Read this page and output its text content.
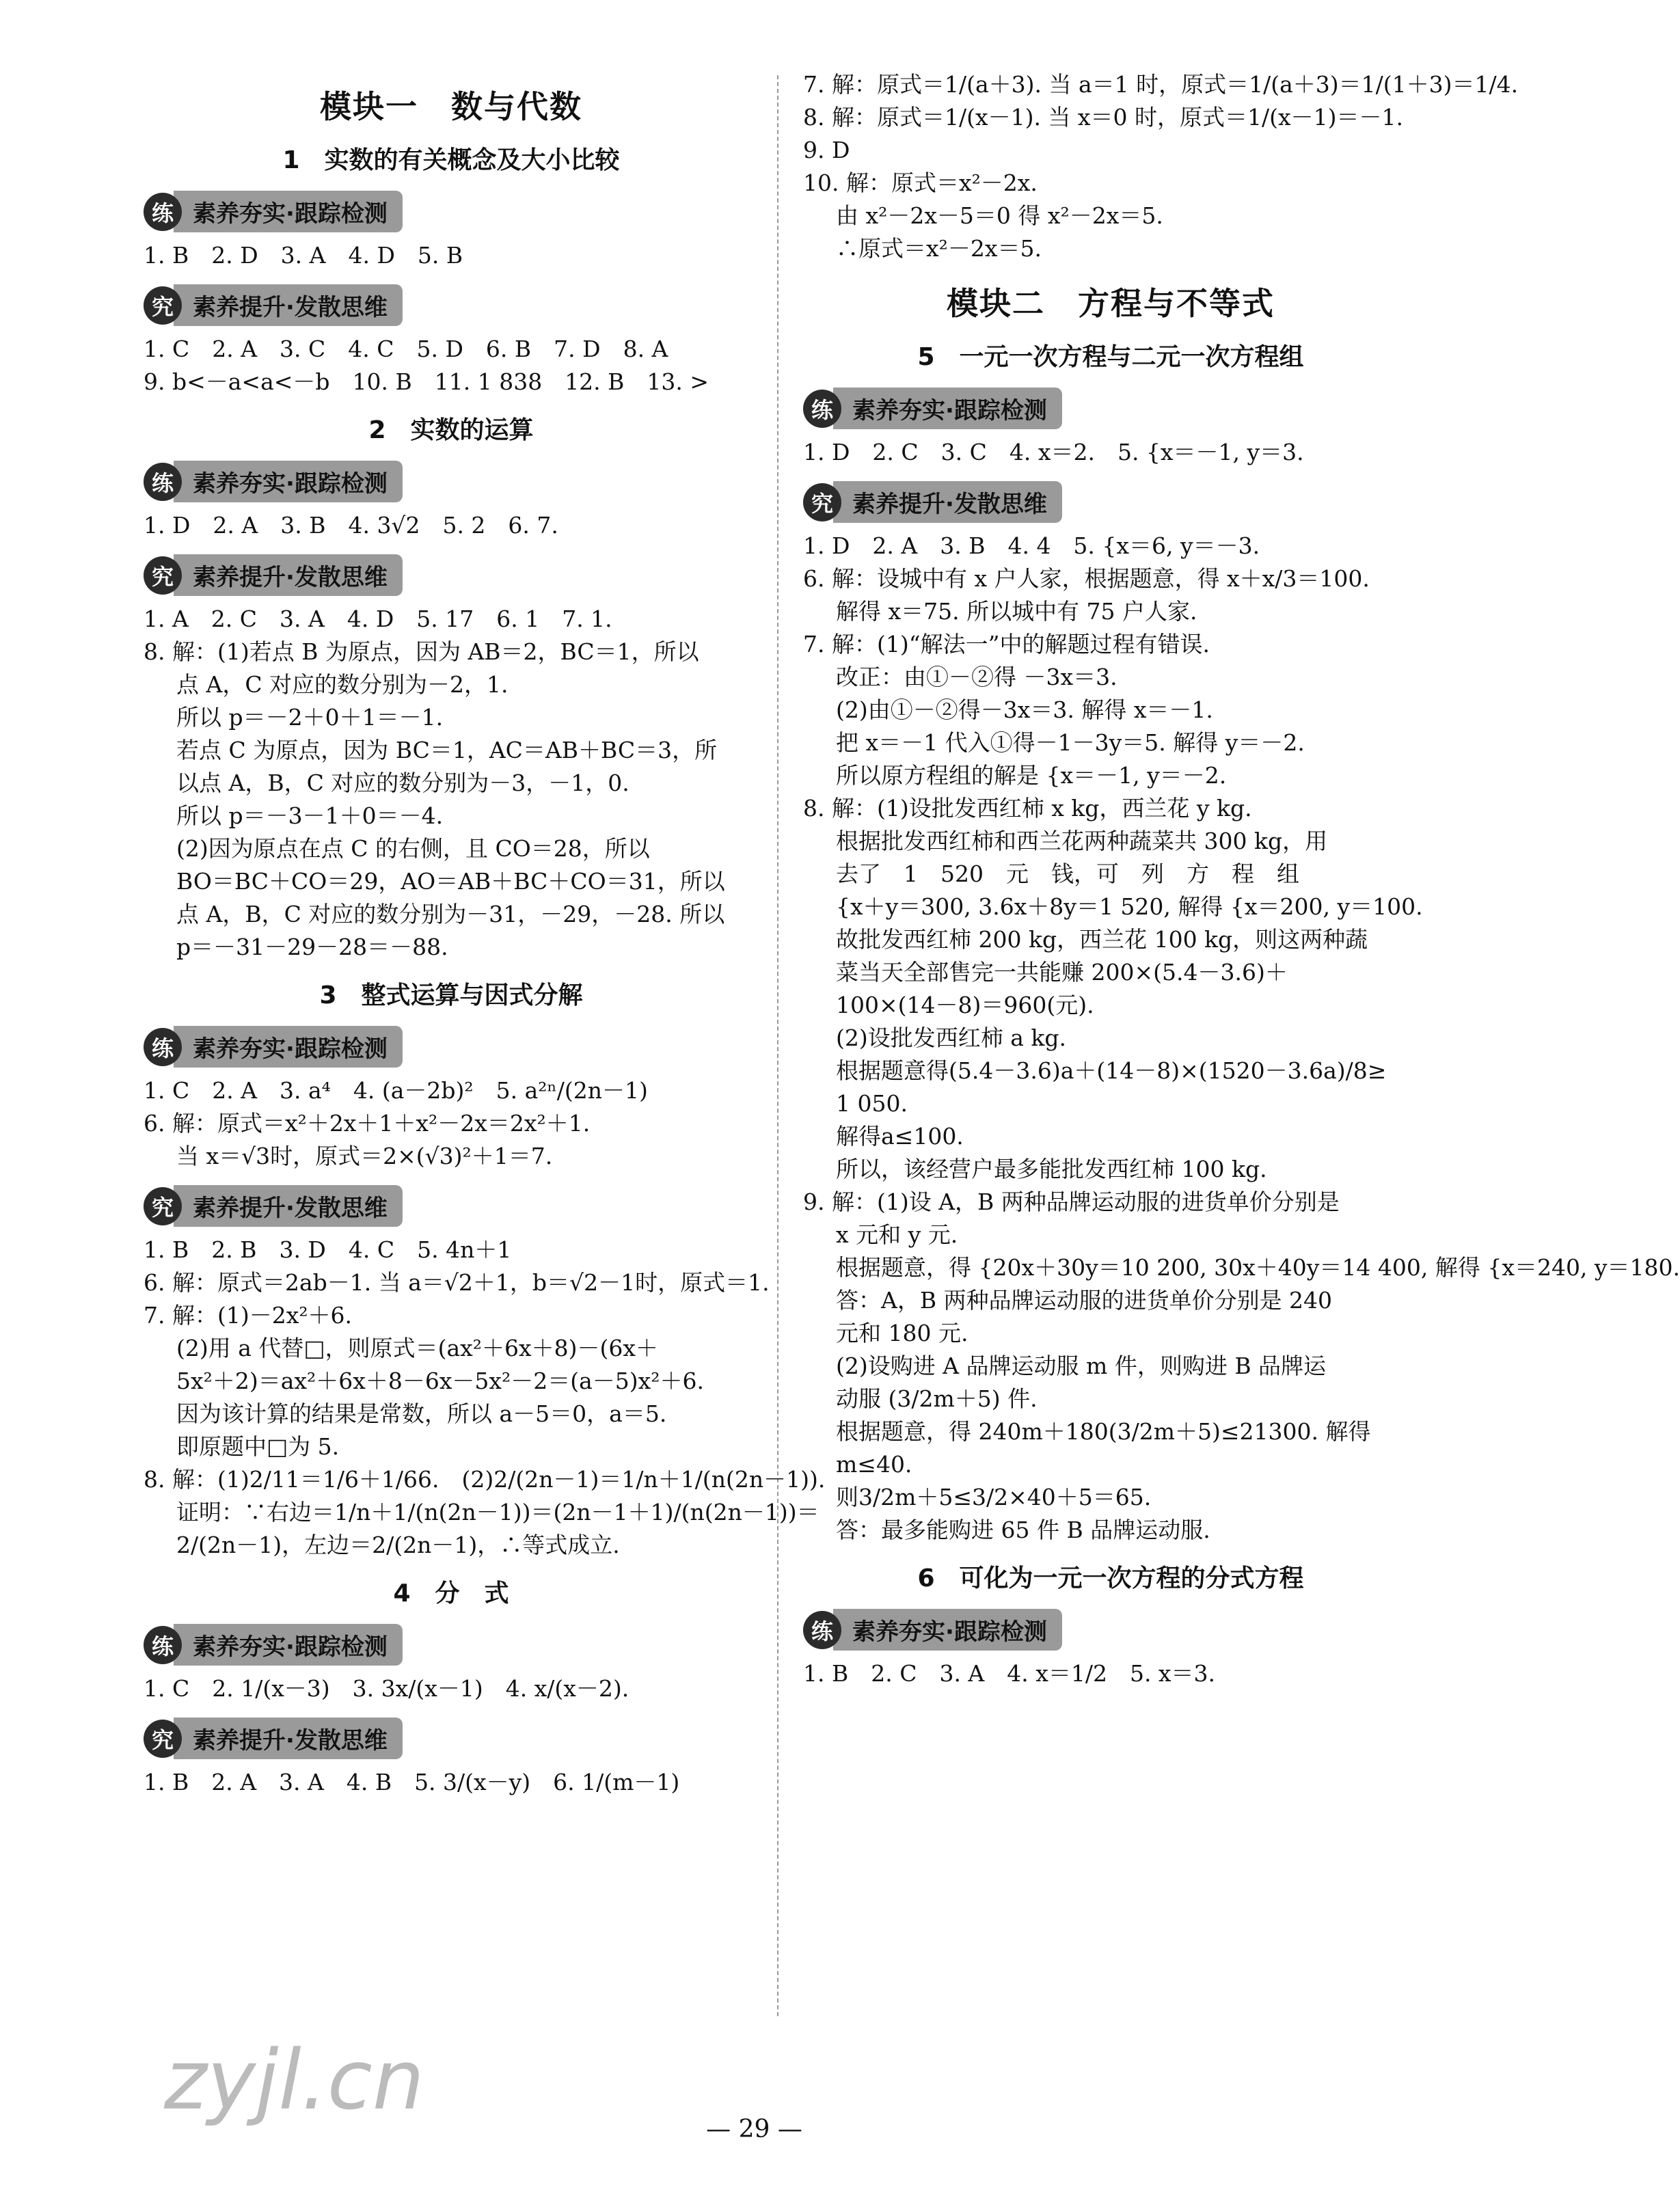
模块一　数与代数
1　实数的有关概念及大小比较
练 素养夯实·跟踪检测
1. B　2. D　3. A　4. D　5. B
究 素养提升·发散思维
1. C　2. A　3. C　4. C　5. D　6. B　7. D　8. A
9. b<－a<a<－b　10. B　11. 1 838　12. B　13. >
2　实数的运算
练 素养夯实·跟踪检测
1. D　2. A　3. B　4. 3√2　5. 2　6. 7.
究 素养提升·发散思维
1. A　2. C　3. A　4. D　5. 17　6. 1　7. 1.
8. 解：(1)若点 B 为原点，因为 AB＝2，BC＝1，所以
点 A，C 对应的数分别为－2，1.
所以 p＝－2＋0＋1＝－1.
若点 C 为原点，因为 BC＝1，AC＝AB＋BC＝3，所
以点 A，B，C 对应的数分别为－3，－1，0.
所以 p＝－3－1＋0＝－4.
(2)因为原点在点 C 的右侧，且 CO＝28，所以
BO＝BC＋CO＝29，AO＝AB＋BC＋CO＝31，所以
点 A，B，C 对应的数分别为－31，－29，－28. 所以
p＝－31－29－28＝－88.
3　整式运算与因式分解
练 素养夯实·跟踪检测
1. C　2. A　3. a⁴　4. (a－2b)²　5. a²ⁿ/(2n－1)
6. 解：原式＝x²＋2x＋1＋x²－2x＝2x²＋1.
当 x＝√3时，原式＝2×(√3)²＋1＝7.
究 素养提升·发散思维
1. B　2. B　3. D　4. C　5. 4n＋1
6. 解：原式＝2ab－1. 当 a＝√2＋1，b＝√2－1时，原式＝1.
7. 解：(1)－2x²＋6.
(2)用 a 代替□，则原式＝(ax²＋6x＋8)－(6x＋
5x²＋2)＝ax²＋6x＋8－6x－5x²－2＝(a－5)x²＋6.
因为该计算的结果是常数，所以 a－5＝0，a＝5.
即原题中□为 5.
8. 解：(1)2/11＝1/6＋1/66.　(2)2/(2n－1)＝1/n＋1/(n(2n－1)).
证明：∵右边＝1/n＋1/(n(2n－1))＝(2n－1＋1)/(n(2n－1))＝
2/(2n－1)，左边＝2/(2n－1)，∴等式成立.
4　分　式
练 素养夯实·跟踪检测
1. C　2. 1/(x－3)　3. 3x/(x－1)　4. x/(x－2).
究 素养提升·发散思维
1. B　2. A　3. A　4. B　5. 3/(x－y)　6. 1/(m－1)
7. 解：原式＝1/(a＋3). 当 a＝1 时，原式＝1/(a＋3)＝1/(1＋3)＝1/4.
8. 解：原式＝1/(x－1). 当 x＝0 时，原式＝1/(x－1)＝－1.
9. D
10. 解：原式＝x²－2x.
由 x²－2x－5＝0 得 x²－2x＝5.
∴原式＝x²－2x＝5.
模块二　方程与不等式
5　一元一次方程与二元一次方程组
练 素养夯实·跟踪检测
1. D　2. C　3. C　4. x＝2.　5. {x＝－1, y＝3.
究 素养提升·发散思维
1. D　2. A　3. B　4. 4　5. {x＝6, y＝－3.
6. 解：设城中有 x 户人家，根据题意，得 x＋x/3＝100.
解得 x＝75. 所以城中有 75 户人家.
7. 解：(1)“解法一”中的解题过程有错误.
改正：由①－②得 －3x＝3.
(2)由①－②得－3x＝3. 解得 x＝－1.
把 x＝－1 代入①得－1－3y＝5. 解得 y＝－2.
所以原方程组的解是 {x＝－1, y＝－2.
8. 解：(1)设批发西红柿 x kg，西兰花 y kg.
根据批发西红柿和西兰花两种蔬菜共 300 kg，用
去了　1　520　元　钱，可　列　方　程　组
{x＋y＝300, 3.6x＋8y＝1 520, 解得 {x＝200, y＝100.
故批发西红柿 200 kg，西兰花 100 kg，则这两种蔬
菜当天全部售完一共能赚 200×(5.4－3.6)＋
100×(14－8)＝960(元).
(2)设批发西红柿 a kg.
根据题意得(5.4－3.6)a＋(14－8)×(1520－3.6a)/8≥
1 050.
解得a≤100.
所以，该经营户最多能批发西红柿 100 kg.
9. 解：(1)设 A，B 两种品牌运动服的进货单价分别是
x 元和 y 元.
根据题意，得 {20x＋30y＝10 200, 30x＋40y＝14 400, 解得 {x＝240, y＝180.
答：A，B 两种品牌运动服的进货单价分别是 240
元和 180 元.
(2)设购进 A 品牌运动服 m 件，则购进 B 品牌运
动服 (3/2m＋5) 件.
根据题意，得 240m＋180(3/2m＋5)≤21300. 解得
m≤40.
则3/2m＋5≤3/2×40＋5＝65.
答：最多能购进 65 件 B 品牌运动服.
6　可化为一元一次方程的分式方程
练 素养夯实·跟踪检测
1. B　2. C　3. A　4. x＝1/2　5. x＝3.
— 29 —
zyjl.cn
